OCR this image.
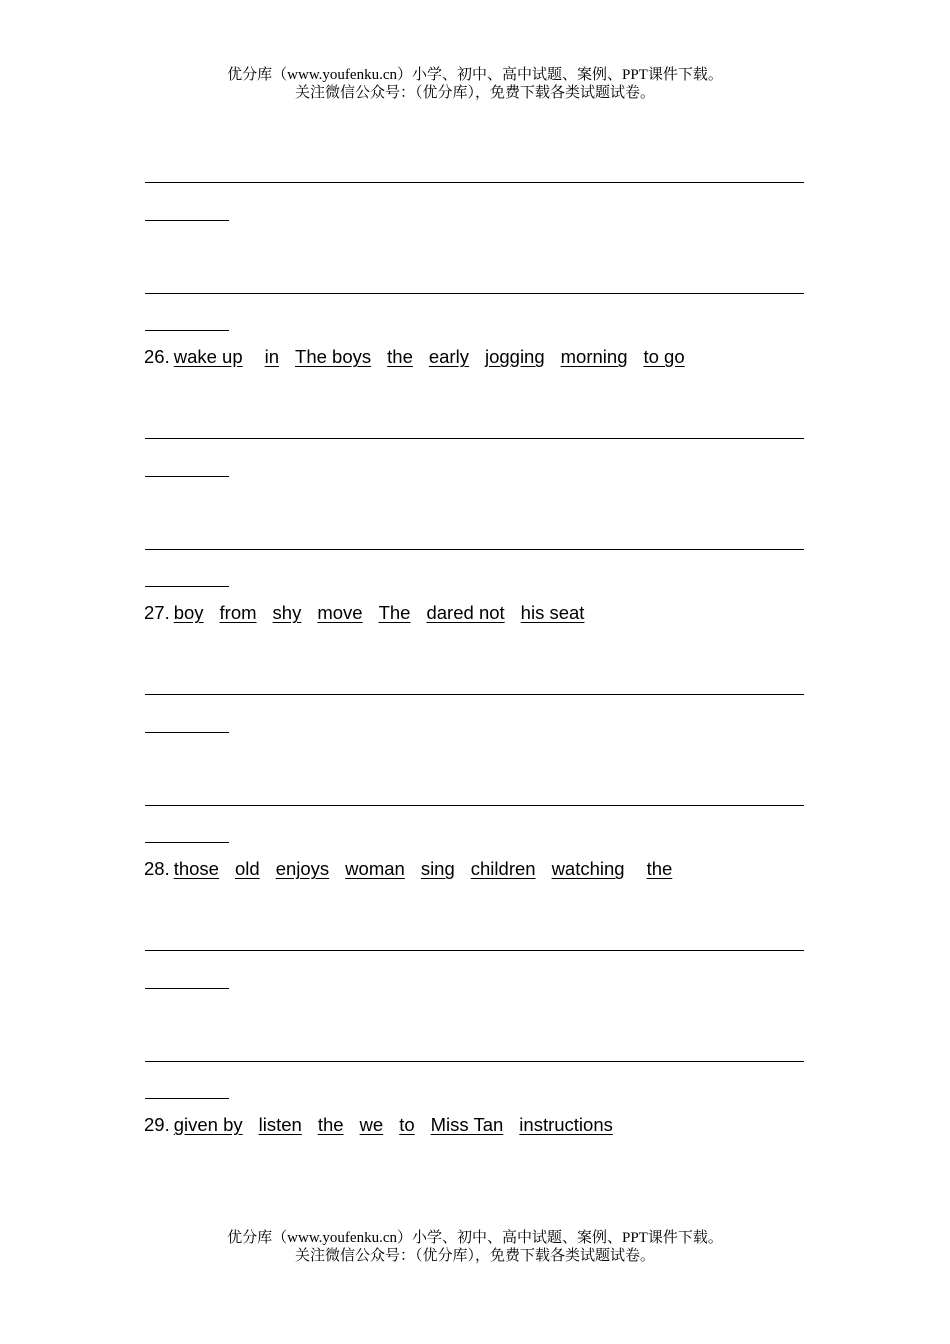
优分库（www.youfenku.cn）小学、初中、高中试题、案例、PPT课件下载。
关注微信公众号：（优分库），免费下载各类试题试卷。
26. wake up in The boys the early jogging morning to go
27. boy from shy move The dared not his seat
28. those old enjoys woman sing children watching the
29. given by listen the we to Miss Tan instructions
优分库（www.youfenku.cn）小学、初中、高中试题、案例、PPT课件下载。
关注微信公众号：（优分库），免费下载各类试题试卷。
